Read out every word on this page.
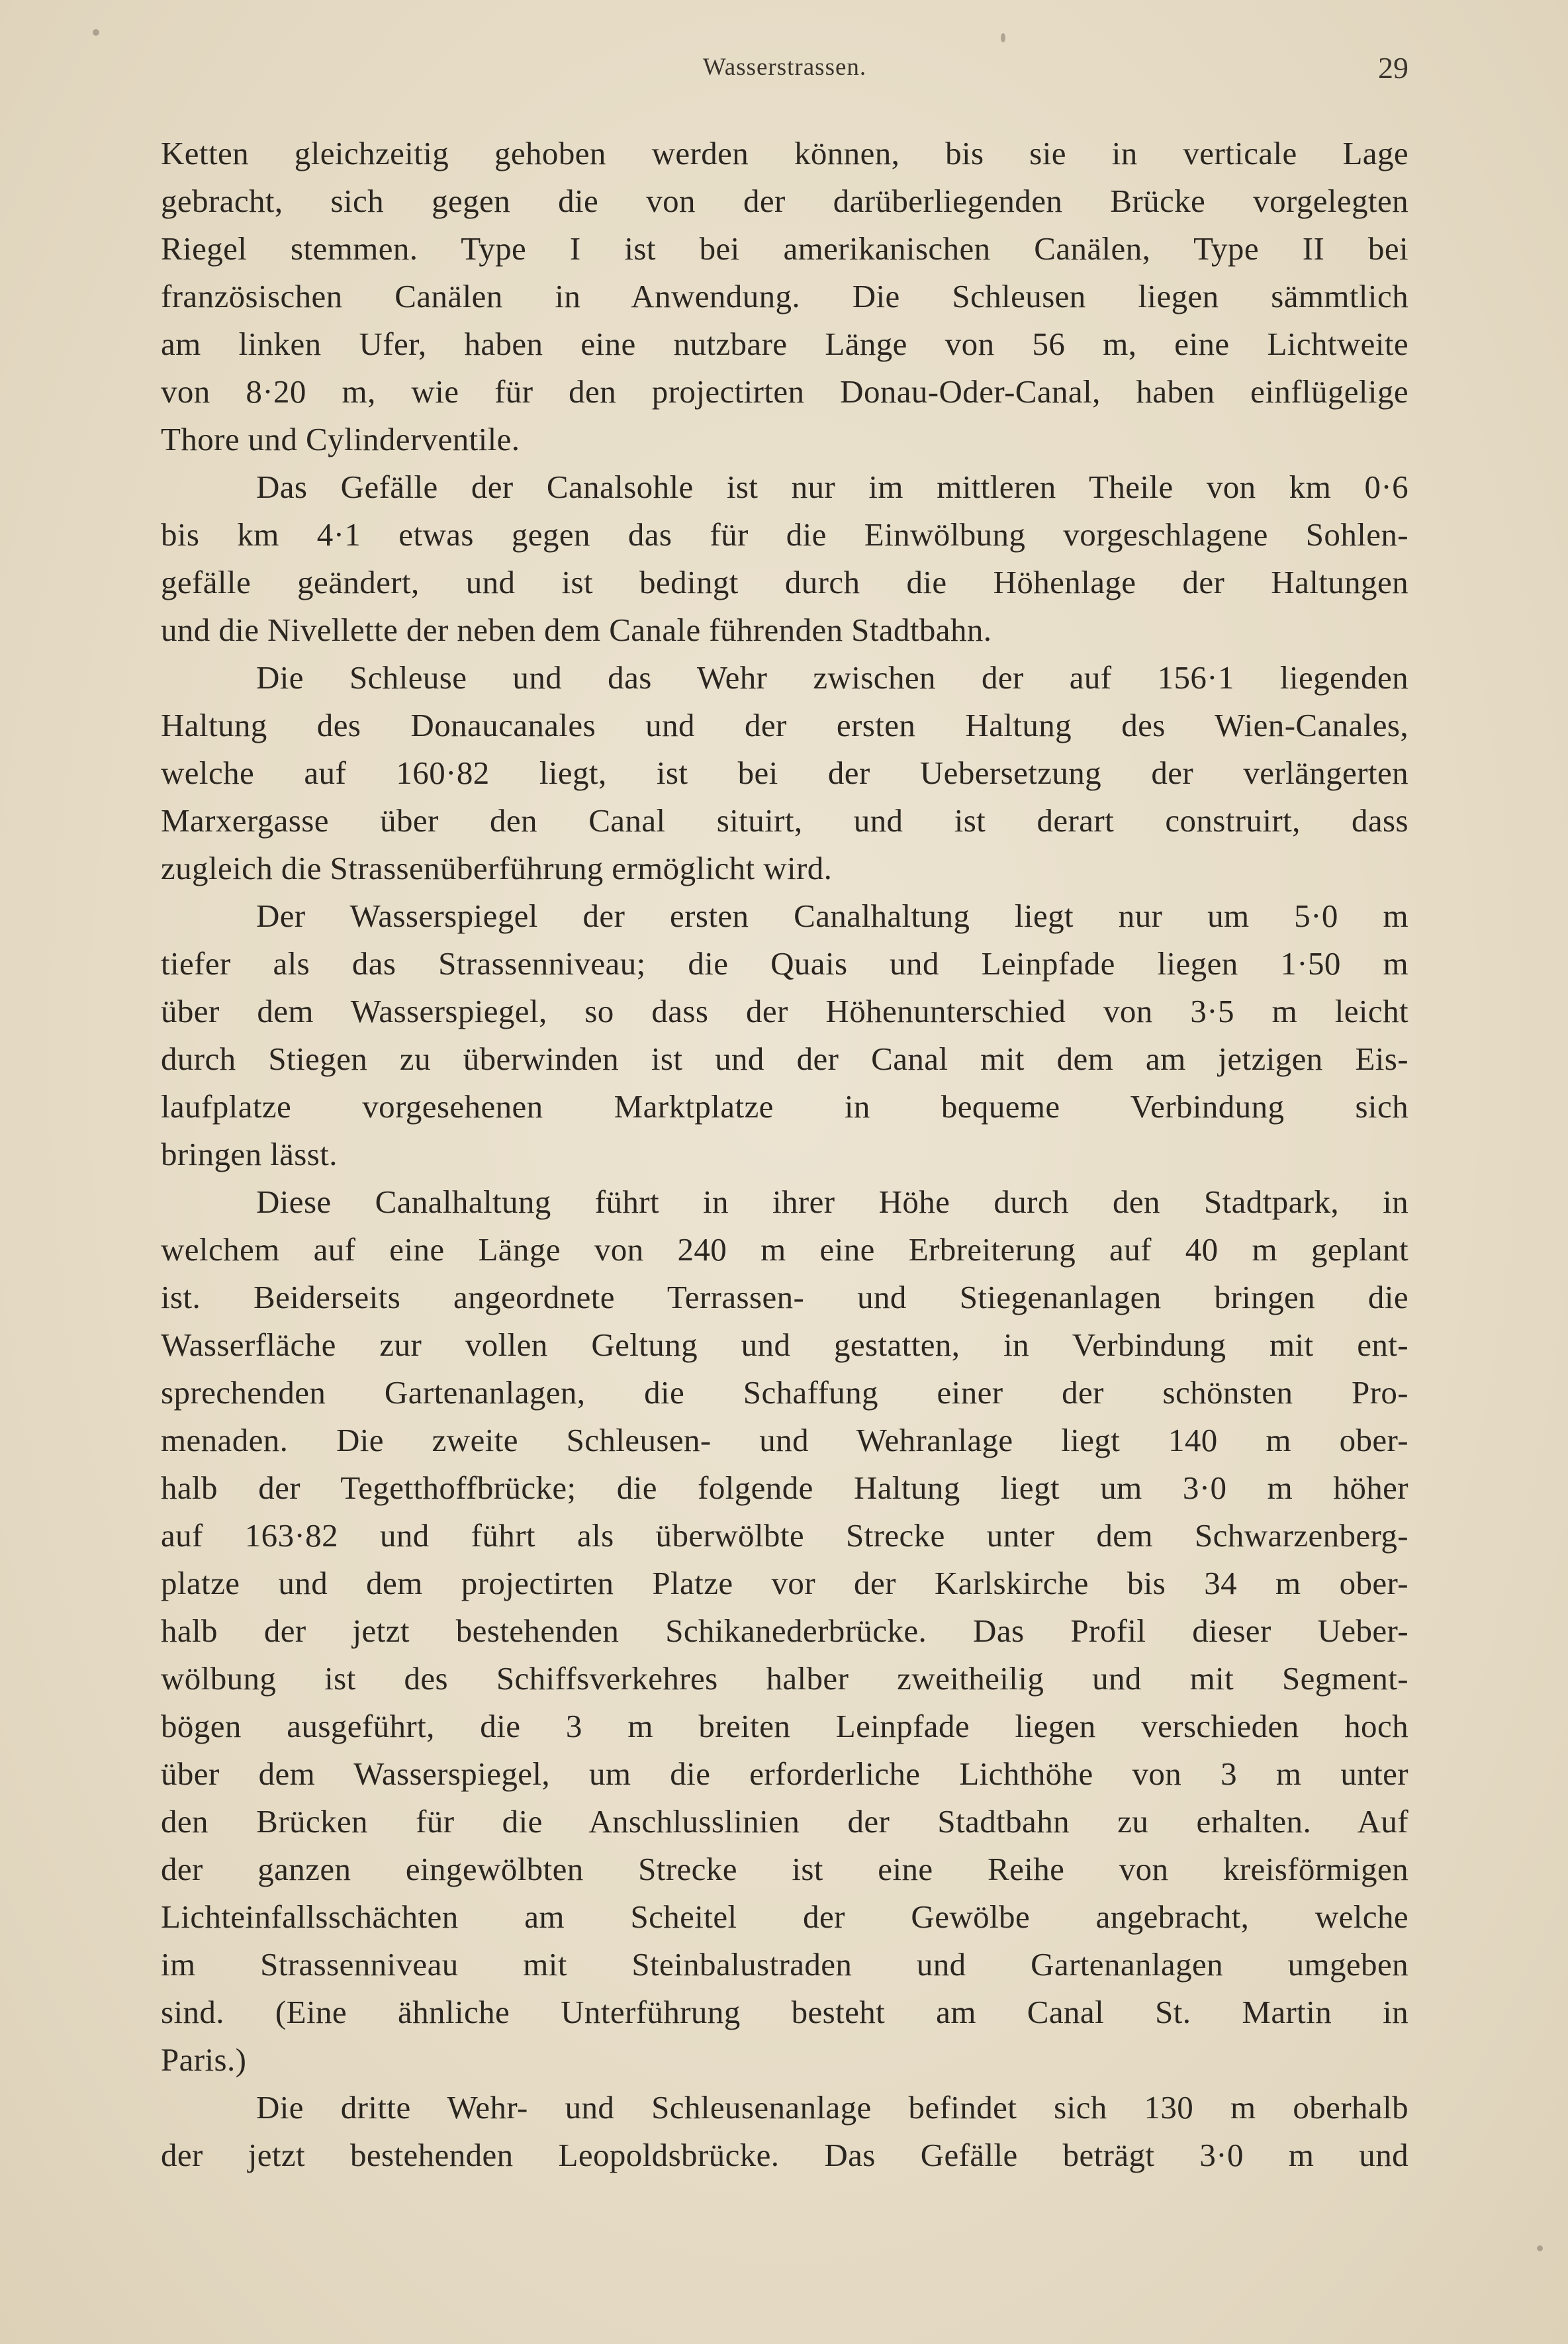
Wasserstrassen.	29
Ketten gleichzeitig gehoben werden können, bis sie in verticale Lage
gebracht, sich gegen die von der darüberliegenden Brücke vorgelegten
Riegel stemmen. Type I ist bei amerikanischen Canälen, Type II bei
französischen Canälen in Anwendung. Die Schleusen liegen sämmtlich
am linken Ufer, haben eine nutzbare Länge von 56 m, eine Lichtweite
von 8·20 m, wie für den projectirten Donau-Oder-Canal, haben einflügelige
Thore und Cylinderventile.
Das Gefälle der Canalsohle ist nur im mittleren Theile von km 0·6
bis km 4·1 etwas gegen das für die Einwölbung vorgeschlagene Sohlen-
gefälle geändert, und ist bedingt durch die Höhenlage der Haltungen
und die Nivellette der neben dem Canale führenden Stadtbahn.
Die Schleuse und das Wehr zwischen der auf 156·1 liegenden
Haltung des Donaucanales und der ersten Haltung des Wien-Canales,
welche auf 160·82 liegt, ist bei der Uebersetzung der verlängerten
Marxergasse über den Canal situirt, und ist derart construirt, dass
zugleich die Strassenüberführung ermöglicht wird.
Der Wasserspiegel der ersten Canalhaltung liegt nur um 5·0 m
tiefer als das Strassenniveau; die Quais und Leinpfade liegen 1·50 m
über dem Wasserspiegel, so dass der Höhenunterschied von 3·5 m leicht
durch Stiegen zu überwinden ist und der Canal mit dem am jetzigen Eis-
laufplatze vorgesehenen Marktplatze in bequeme Verbindung sich
bringen lässt.
Diese Canalhaltung führt in ihrer Höhe durch den Stadtpark, in
welchem auf eine Länge von 240 m eine Erbreiterung auf 40 m geplant
ist. Beiderseits angeordnete Terrassen- und Stiegenanlagen bringen die
Wasserfläche zur vollen Geltung und gestatten, in Verbindung mit ent-
sprechenden Gartenanlagen, die Schaffung einer der schönsten Pro-
menaden. Die zweite Schleusen- und Wehranlage liegt 140 m ober-
halb der Tegetthoffbrücke; die folgende Haltung liegt um 3·0 m höher
auf 163·82 und führt als überwölbte Strecke unter dem Schwarzenberg-
platze und dem projectirten Platze vor der Karlskirche bis 34 m ober-
halb der jetzt bestehenden Schikanederbrücke. Das Profil dieser Ueber-
wölbung ist des Schiffsverkehres halber zweitheilig und mit Segment-
bögen ausgeführt, die 3 m breiten Leinpfade liegen verschieden hoch
über dem Wasserspiegel, um die erforderliche Lichthöhe von 3 m unter
den Brücken für die Anschlusslinien der Stadtbahn zu erhalten. Auf
der ganzen eingewölbten Strecke ist eine Reihe von kreisförmigen
Lichteinfallsschächten am Scheitel der Gewölbe angebracht, welche
im Strassenniveau mit Steinbalustraden und Gartenanlagen umgeben
sind. (Eine ähnliche Unterführung besteht am Canal St. Martin in
Paris.)
Die dritte Wehr- und Schleusenanlage befindet sich 130 m oberhalb
der jetzt bestehenden Leopoldsbrücke. Das Gefälle beträgt 3·0 m und
